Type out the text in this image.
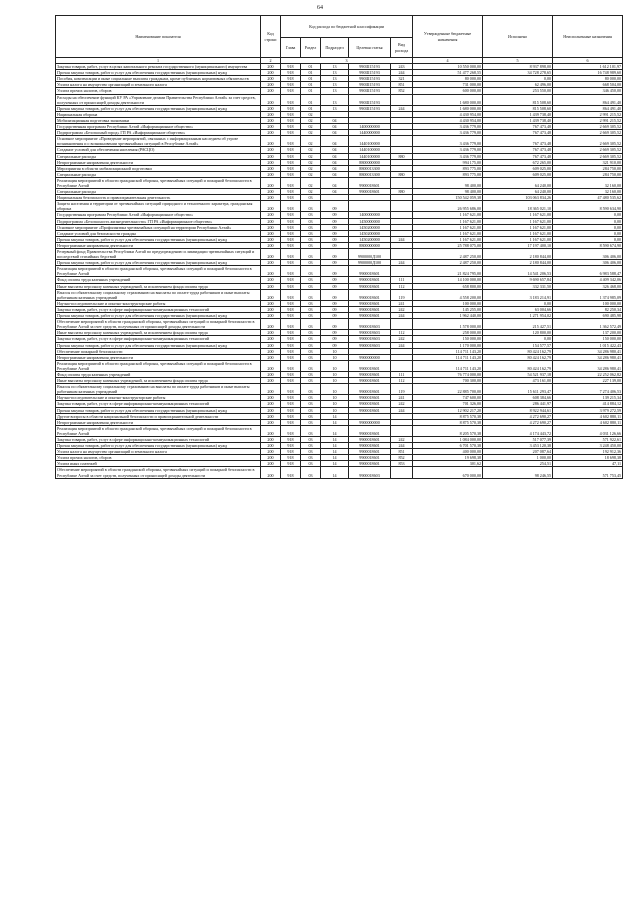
64
Наименование показателя	Код строки	Код расхода по бюджетной классификации					Утвержденные бюджетные назначения	Исполнено	Неисполненные назначения
		Глава	Раздел	Подраздел	Целевая статья	Вид расхода			
1	2	3					4	5	6
Закупка товаров, работ, услуг в целях капитального ремонта государственного (муниципального) имущества	200	918	01	13	990Ш15193	243	10 550 000,00	8 937 898,00	1 612 101,97
Прочая закупка товаров, работ и услуг для обеспечения государственных (муниципальных) нужд	200	918	01	13	990Ш15193	244	51 477 268,55	34 728 278,65	16 748 989,60
Пособия, компенсации и иные социальные выплаты гражданам, кроме публичных нормативных обязательств	200	918	01	13	990Ш15193	321	80 000,00	0,00	80 000,00
Уплата налога на имущество организаций и земельного налога	200	918	01	13	990Ш15193	851	731 000,00	62 496,00	668 504,00
Уплата прочих налогов, сборов	200	918	01	13	990Ш15193	852	600 000,00	253 550,00	346 450,00
Расходы на обеспечение функций КУ РА «Управление делами Правительства Республики Алтай» за счет средств, полученных от приносящей доходы деятельности	200	918	01	13	990Ш15193		1 680 000,00	815 508,60	864 491,40
Прочая закупка товаров, работ и услуг для обеспечения государственных (муниципальных) нужд	200	918	01	13	990Ш15193	244	1 680 000,00	815 508,60	864 491,40
Национальная оборона	200	918	02				4 430 954,00	1 439 738,40	2 991 215,52
Мобилизационная подготовка экономики	200	918	02	04			4 430 954,00	1 439 738,40	2 991 215,52
Государственная программа Республики Алтай «Информационное общество»	200	918	02	04	1400000000		3 436 779,00	767 473,48	2 669 305,52
Подпрограмма «Безопасный город» ГП РА «Информационное общество»	200	918	02	04	1440000000		3 436 779,00	767 473,48	2 669 305,52
Основное мероприятие «Проведение мероприятий, связанных с информационным наследием об угрозе возникновения и о возникновении чрезвычайных ситуаций в Республике Алтай»	200	918	02	04	1440100000		3 436 779,00	767 473,48	2 669 305,52
Создание условий для обеспечения населения (РАСЦО)	200	918	02	04	1440100000		3 436 779,00	767 473,48	2 669 305,52
Специальные расходы	200	918	02	04	1440100000	880	3 436 779,00	767 473,48	2 669 305,52
Непрограммные направления деятельности	200	918	02	04	8800000000		994 175,00	672 265,00	321 910,00
Мероприятия в области мобилизационной подготовки	200	918	02	04	8800013300		893 775,00	609 025,00	284 750,00
Специальные расходы	200	918	02	04	8800013300	880	893 775,00	609 025,00	284 750,00
Реализация мероприятий в области гражданской обороны, чрезвычайных ситуаций и пожарной безопасности в Республике Алтай	200	918	02	04	9900018601		98 400,00	64 240,00	32 160,00
Специальные расходы	200	918	02	04	9900018601	880	98 400,00	64 240,00	32 160,00
Национальная безопасность и правоохранительная деятельность	200	918	03				150 542 059,38	103 063 834,26	47 480 535,62
Защита населения и территории от чрезвычайных ситуаций природного и техногенного характера, гражданская оборона	200	918	03	09			26 955 686,00	18 365 021,10	8 590 634,90
Государственная программа Республики Алтай «Информационное общество»	200	918	03	09	1400000000		1 167 621,00	1 167 621,00	0,00
Подпрограмма «Безопасность жизнедеятельности» ГП РА «Информационное общество»	200	918	03	09	1450000000		1 167 621,00	1 167 621,00	0,00
Основное мероприятие «Профилактика чрезвычайных ситуаций на территории Республики Алтай»	200	918	03	09	1450200000		1 167 621,00	1 167 621,00	0,00
Создание условий для безопасности граждан	200	918	03	09	1450200000		1 167 621,00	1 167 621,00	0,00
Прочая закупка товаров, работ и услуг для обеспечения государственных (муниципальных) нужд	200	918	03	09	1450200000	244	1 167 621,00	1 167 621,00	0,00
Непрограммные направления деятельности	200	918	03	09	8800000000		25 788 075,00	17 197 400,10	8 590 674,90
Резервный фонд Правительства Республики Алтай по предупреждению и ликвидации чрезвычайных ситуаций и последствий стихийных бедствий	200	918	03	09	9900000Д100		2 487 250,00	2 180 844,00	306 406,00
Прочая закупка товаров, работ и услуг для обеспечения государственных (муниципальных) нужд	200	918	03	09	9900000Д100	244	2 487 250,00	2 180 844,00	306 406,00
Реализация мероприятий в области гражданской обороны, чрезвычайных ситуаций и пожарной безопасности в Республике Алтай	200	918	03	09	9900018601		21 824 795,00	14 541 206,53	6 983 588,47
Фонд оплаты труда казенных учреждений	200	918	03	09	9900018601	111	14 100 000,00	9 690 657,84	4 409 342,06
Иные выплаты персоналу казенных учреждений, за исключением фонда оплаты труда	200	918	03	09	9900018601	112	658 800,00	332 331,50	326 468,00
Взносы по обязательному социальному страхованию на выплаты по оплате труда работников и иные выплаты работникам казенных учреждений	200	918	03	09	9900018601	119	4 558 200,00	3 183 214,91	1 374 985,09
Научно-исследовательские и опытно-конструкторские работы	200	918	03	09	9900018601	241	100 000,00	0,00	100 000,00
Закупка товаров, работ, услуг в сфере информационно-коммуникационных технологий	200	918	03	09	9900018601	242	145 255,00	63 004,66	82 250,34
Прочая закупка товаров, работ и услуг для обеспечения государственных (муниципальных) нужд	200	918	03	09	9900018601	244	1 962 440,00	1 271 954,02	690 485,98
Обеспечение мероприятий в области гражданской обороны, чрезвычайных ситуаций и пожарной безопасности в Республике Алтай за счет средств, полученных от приносящей доходы деятельности	200	918	03	09	9900018603		1 578 000,00	215 427,51	1 362 572,49
Иные выплаты персоналу казенных учреждений, за исключением фонда оплаты труда	200	918	03	09	9900018603	112	258 000,00	120 800,00	137 200,00
Закупка товаров, работ, услуг в сфере информационно-коммуникационных технологий	200	918	03	09	9900018603	242	150 000,00	0,00	150 000,00
Прочая закупка товаров, работ и услуг для обеспечения государственных (муниципальных) нужд	200	918	03	09	9900018603	244	1 170 000,00	154 577,57	1 015 422,43
Обеспечение пожарной безопасности	200	918	03	10			114 711 143,20	80 424 162,79	34 286 980,41
Непрограммные направления деятельности	200	918	03	10	9900000000		114 711 143,20	80 424 162,79	34 286 980,41
Реализация мероприятий в области гражданской обороны, чрезвычайных ситуаций и пожарной безопасности в Республике Алтай	200	918	03	10	9900018601		114 711 143,20	80 424 162,79	34 286 980,41
Фонд оплаты труда казенных учреждений	200	918	03	10	9900018601	111	76 774 000,00	54 521 937,18	22 252 062,82
Иные выплаты персоналу казенных учреждений, за исключением фонда оплаты труда	200	918	03	10	9900018601	112	700 300,00	473 161,00	227 139,00
Взносы по обязательному социальному страхованию на выплаты по оплате труда работников и иные выплаты работникам казенных учреждений	200	918	03	10	9900018601	119	22 885 700,00	15 611 293,47	7 274 406,53
Научно-исследовательские и опытно-конструкторские работы	200	918	03	10	9900018601	241	747 600,00	608 384,66	139 215,34
Закупка товаров, работ, услуг в сфере информационно-коммуникационных технологий	200	918	03	10	9900018601	242	701 326,00	286 441,97	414 884,12
Прочая закупка товаров, работ и услуг для обеспечения государственных (муниципальных) нужд	200	918	03	10	9900018601	244	12 902 217,20	8 922 944,61	3 979 272,59
Другие вопросы в области национальной безопасности и правоохранительной деятельности	200	918	03	14			8 875 570,38	4 272 690,27	4 602 880,11
Непрограммные направления деятельности	200	918	03	14	9900000000		8 875 570,38	4 272 690,27	4 602 880,11
Реализация мероприятий в области гражданской обороны, чрезвычайных ситуаций и пожарной безопасности в Республике Алтай	200	918	03	14	9900018601		8 205 570,38	4 174 443,72	4 031 126,66
Закупка товаров, работ, услуг в сфере информационно-коммуникационных технологий	200	918	03	14	9900018601	242	1 084 000,00	517 077,39	571 922,61
Прочая закупка товаров, работ и услуг для обеспечения государственных (муниципальных) нужд	200	918	03	14	9900018601	244	6 701 570,38	3 453 120,38	3 248 450,00
Уплата налога на имущество организаций и земельного налога	200	918	03	14	9900018601	851	400 000,00	207 087,64	192 912,36
Уплата прочих налогов, сборов	200	918	03	14	9900018601	852	19 698,38	1 000,00	18 698,38
Уплата иных платежей	200	918	03	14	9900018601	853	301,62	254,51	47,11
Обеспечение мероприятий в области гражданской обороны, чрезвычайных ситуаций и пожарной безопасности в Республике Алтай за счет средств, полученных от приносящей доходы деятельности	200	918	03	14	9900018603		670 000,00	98 246,55	571 753,45
